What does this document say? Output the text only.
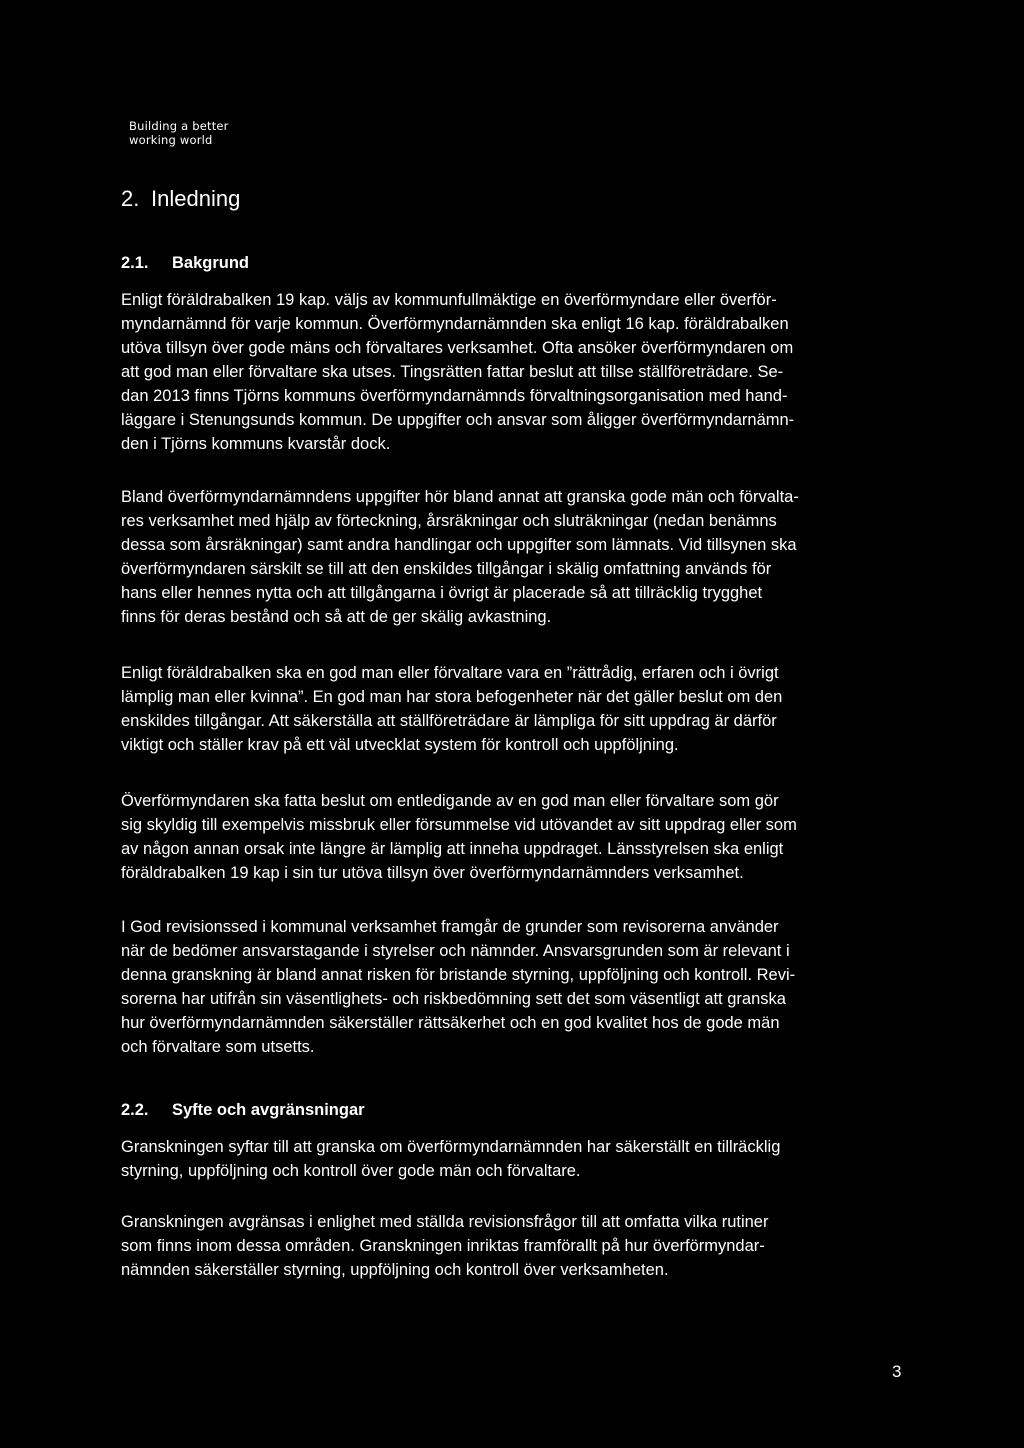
Building a better
working world
2. Inledning
2.1. Bakgrund
Enligt föräldrabalken 19 kap. väljs av kommunfullmäktige en överförmyndare eller överför-
myndarnämnd för varje kommun. Överförmyndarnämnden ska enligt 16 kap. föräldrabalken
utöva tillsyn över gode mäns och förvaltares verksamhet. Ofta ansöker överförmyndaren om
att god man eller förvaltare ska utses. Tingsrätten fattar beslut att tillse ställföreträdare. Se-
dan 2013 finns Tjörns kommuns överförmyndarnämnds förvaltningsorganisation med hand-
läggare i Stenungsunds kommun. De uppgifter och ansvar som åligger överförmyndarnämn-
den i Tjörns kommuns kvarstår dock.
Bland överförmyndarnämndens uppgifter hör bland annat att granska gode män och förvalta-
res verksamhet med hjälp av förteckning, årsräkningar och sluträkningar (nedan benämns
dessa som årsräkningar) samt andra handlingar och uppgifter som lämnats. Vid tillsynen ska
överförmyndaren särskilt se till att den enskildes tillgångar i skälig omfattning används för
hans eller hennes nytta och att tillgångarna i övrigt är placerade så att tillräcklig trygghet
finns för deras bestånd och så att de ger skälig avkastning.
Enligt föräldrabalken ska en god man eller förvaltare vara en ”rättrådig, erfaren och i övrigt
lämplig man eller kvinna”. En god man har stora befogenheter när det gäller beslut om den
enskildes tillgångar. Att säkerställa att ställföreträdare är lämpliga för sitt uppdrag är därför
viktigt och ställer krav på ett väl utvecklat system för kontroll och uppföljning.
Överförmyndaren ska fatta beslut om entledigande av en god man eller förvaltare som gör
sig skyldig till exempelvis missbruk eller försummelse vid utövandet av sitt uppdrag eller som
av någon annan orsak inte längre är lämplig att inneha uppdraget. Länsstyrelsen ska enligt
föräldrabalken 19 kap i sin tur utöva tillsyn över överförmyndarnämnders verksamhet.
I God revisionssed i kommunal verksamhet framgår de grunder som revisorerna använder
när de bedömer ansvarstagande i styrelser och nämnder. Ansvarsgrunden som är relevant i
denna granskning är bland annat risken för bristande styrning, uppföljning och kontroll. Revi-
sorerna har utifrån sin väsentlighets- och riskbedömning sett det som väsentligt att granska
hur överförmyndarnämnden säkerställer rättsäkerhet och en god kvalitet hos de gode män
och förvaltare som utsetts.
2.2. Syfte och avgränsningar
Granskningen syftar till att granska om överförmyndarnämnden har säkerställt en tillräcklig
styrning, uppföljning och kontroll över gode män och förvaltare.
Granskningen avgränsas i enlighet med ställda revisionsfrågor till att omfatta vilka rutiner
som finns inom dessa områden. Granskningen inriktas framförallt på hur överförmyndar-
nämnden säkerställer styrning, uppföljning och kontroll över verksamheten.
3
